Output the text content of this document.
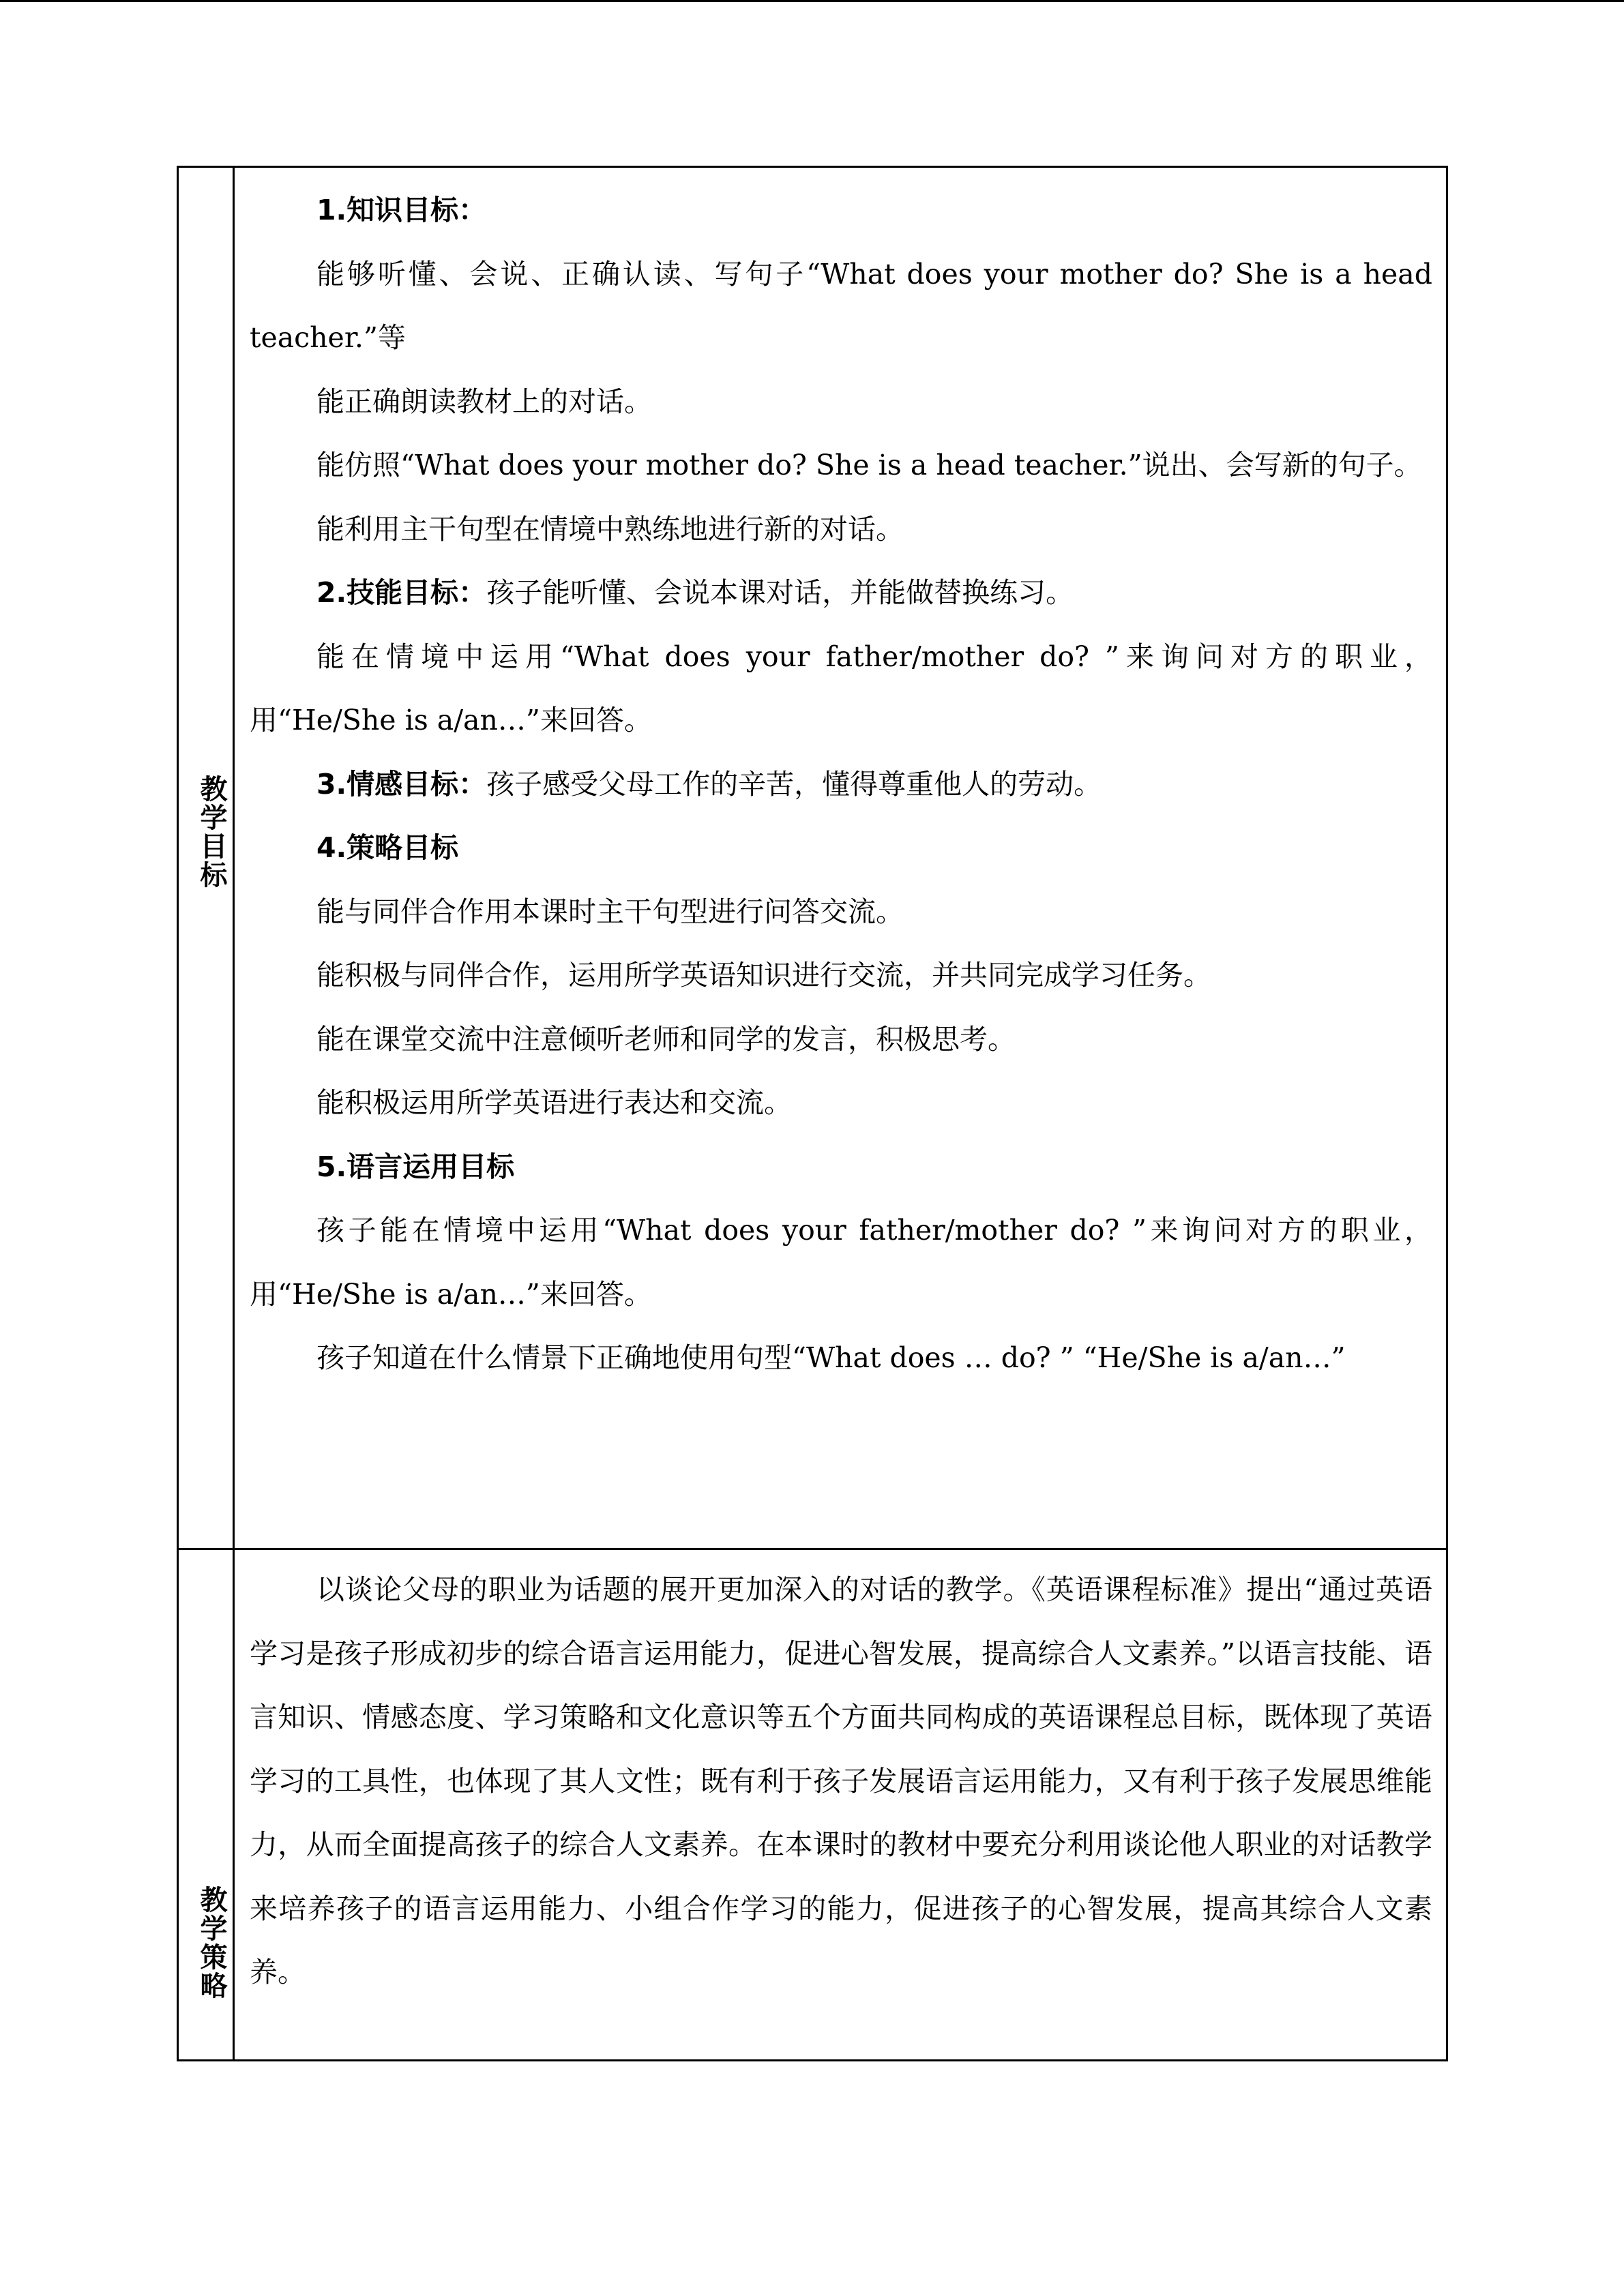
教学目标

1.知识目标：

能够听懂、会说、正确认读、写句子“What does your mother do? She is a head teacher.”等

能正确朗读教材上的对话。

能仿照“What does your mother do? She is a head teacher.”说出、会写新的句子。

能利用主干句型在情境中熟练地进行新的对话。

2.技能目标：孩子能听懂、会说本课对话，并能做替换练习。

能在情境中运用“What does your father/mother do? ”来询问对方的职业，用“He/She is a/an…”来回答。

3.情感目标：孩子感受父母工作的辛苦，懂得尊重他人的劳动。

4.策略目标

能与同伴合作用本课时主干句型进行问答交流。

能积极与同伴合作，运用所学英语知识进行交流，并共同完成学习任务。

能在课堂交流中注意倾听老师和同学的发言，积极思考。

能积极运用所学英语进行表达和交流。

5.语言运用目标

孩子能在情境中运用“What does your father/mother do? ”来询问对方的职业，用“He/She is a/an…”来回答。

孩子知道在什么情景下正确地使用句型“What does … do? ” “He/She is a/an…”

教学策略

以谈论父母的职业为话题的展开更加深入的对话的教学。《英语课程标准》提出“通过英语学习是孩子形成初步的综合语言运用能力，促进心智发展，提高综合人文素养。”以语言技能、语言知识、情感态度、学习策略和文化意识等五个方面共同构成的英语课程总目标，既体现了英语学习的工具性，也体现了其人文性；既有利于孩子发展语言运用能力，又有利于孩子发展思维能力，从而全面提高孩子的综合人文素养。在本课时的教材中要充分利用谈论他人职业的对话教学来培养孩子的语言运用能力、小组合作学习的能力，促进孩子的心智发展，提高其综合人文素养。
